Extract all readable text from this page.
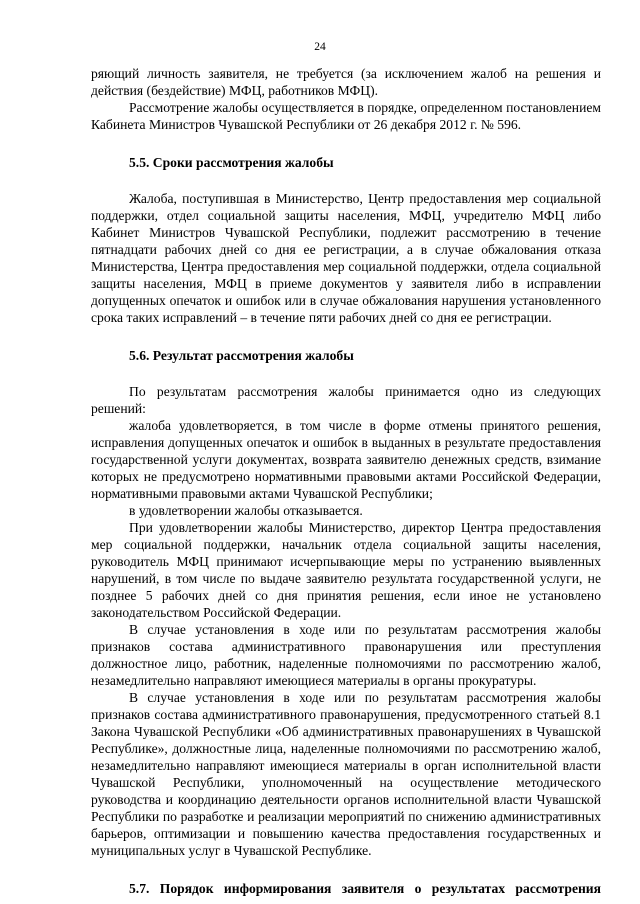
24

ряющий личность заявителя, не требуется (за исключением жалоб на решения и действия (бездействие) МФЦ, работников МФЦ).

Рассмотрение жалобы осуществляется в порядке, определенном постановлением Кабинета Министров Чувашской Республики от 26 декабря 2012 г. № 596.

5.5. Сроки рассмотрения жалобы

Жалоба, поступившая в Министерство, Центр предоставления мер социальной поддержки, отдел социальной защиты населения, МФЦ, учредителю МФЦ либо Кабинет Министров Чувашской Республики, подлежит рассмотрению в течение пятнадцати рабочих дней со дня ее регистрации, а в случае обжалования отказа Министерства, Центра предоставления мер социальной поддержки, отдела социальной защиты населения, МФЦ в приеме документов у заявителя либо в исправлении допущенных опечаток и ошибок или в случае обжалования нарушения установленного срока таких исправлений – в течение пяти рабочих дней со дня ее регистрации.

5.6. Результат рассмотрения жалобы

По результатам рассмотрения жалобы принимается одно из следующих решений:

жалоба удовлетворяется, в том числе в форме отмены принятого решения, исправления допущенных опечаток и ошибок в выданных в результате предоставления государственной услуги документах, возврата заявителю денежных средств, взимание которых не предусмотрено нормативными правовыми актами Российской Федерации, нормативными правовыми актами Чувашской Республики;

в удовлетворении жалобы отказывается.

При удовлетворении жалобы Министерство, директор Центра предоставления мер социальной поддержки, начальник отдела социальной защиты населения, руководитель МФЦ принимают исчерпывающие меры по устранению выявленных нарушений, в том числе по выдаче заявителю результата государственной услуги, не позднее 5 рабочих дней со дня принятия решения, если иное не установлено законодательством Российской Федерации.

В случае установления в ходе или по результатам рассмотрения жалобы признаков состава административного правонарушения или преступления должностное лицо, работник, наделенные полномочиями по рассмотрению жалоб, незамедлительно направляют имеющиеся материалы в органы прокуратуры.

В случае установления в ходе или по результатам рассмотрения жалобы признаков состава административного правонарушения, предусмотренного статьей 8.1 Закона Чувашской Республики «Об административных правонарушениях в Чувашской Республике», должностные лица, наделенные полномочиями по рассмотрению жалоб, незамедлительно направляют имеющиеся материалы в орган исполнительной власти Чувашской Республики, уполномоченный на осуществление методического руководства и координацию деятельности органов исполнительной власти Чувашской Республики по разработке и реализации мероприятий по снижению административных барьеров, оптимизации и повышению качества предоставления государственных и муниципальных услуг в Чувашской Республике.

5.7. Порядок информирования заявителя о результатах рассмотрения
